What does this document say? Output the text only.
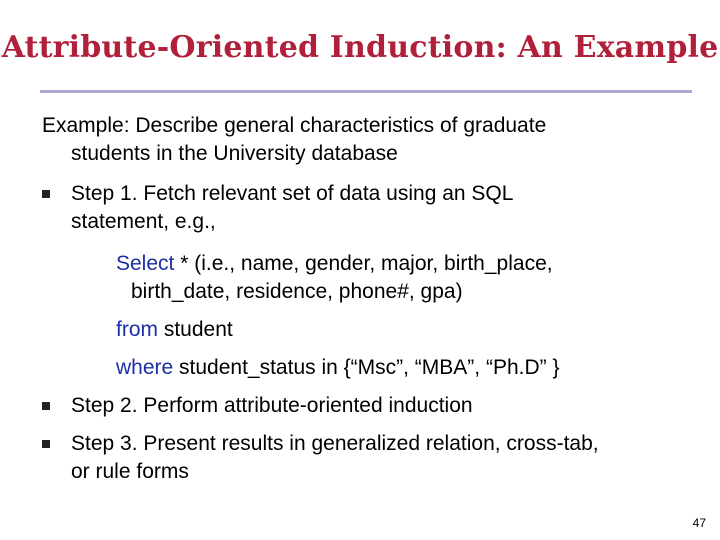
Attribute-Oriented Induction: An Example
Example: Describe general characteristics of graduate
students in the University database
Step 1. Fetch relevant set of data using an SQL
statement, e.g.,
Select * (i.e., name, gender, major, birth_place,
birth_date, residence, phone#, gpa)
from student
where student_status in {“Msc”, “MBA”, “Ph.D” }
Step 2. Perform attribute-oriented induction
Step 3. Present results in generalized relation, cross-tab,
or rule forms
47
